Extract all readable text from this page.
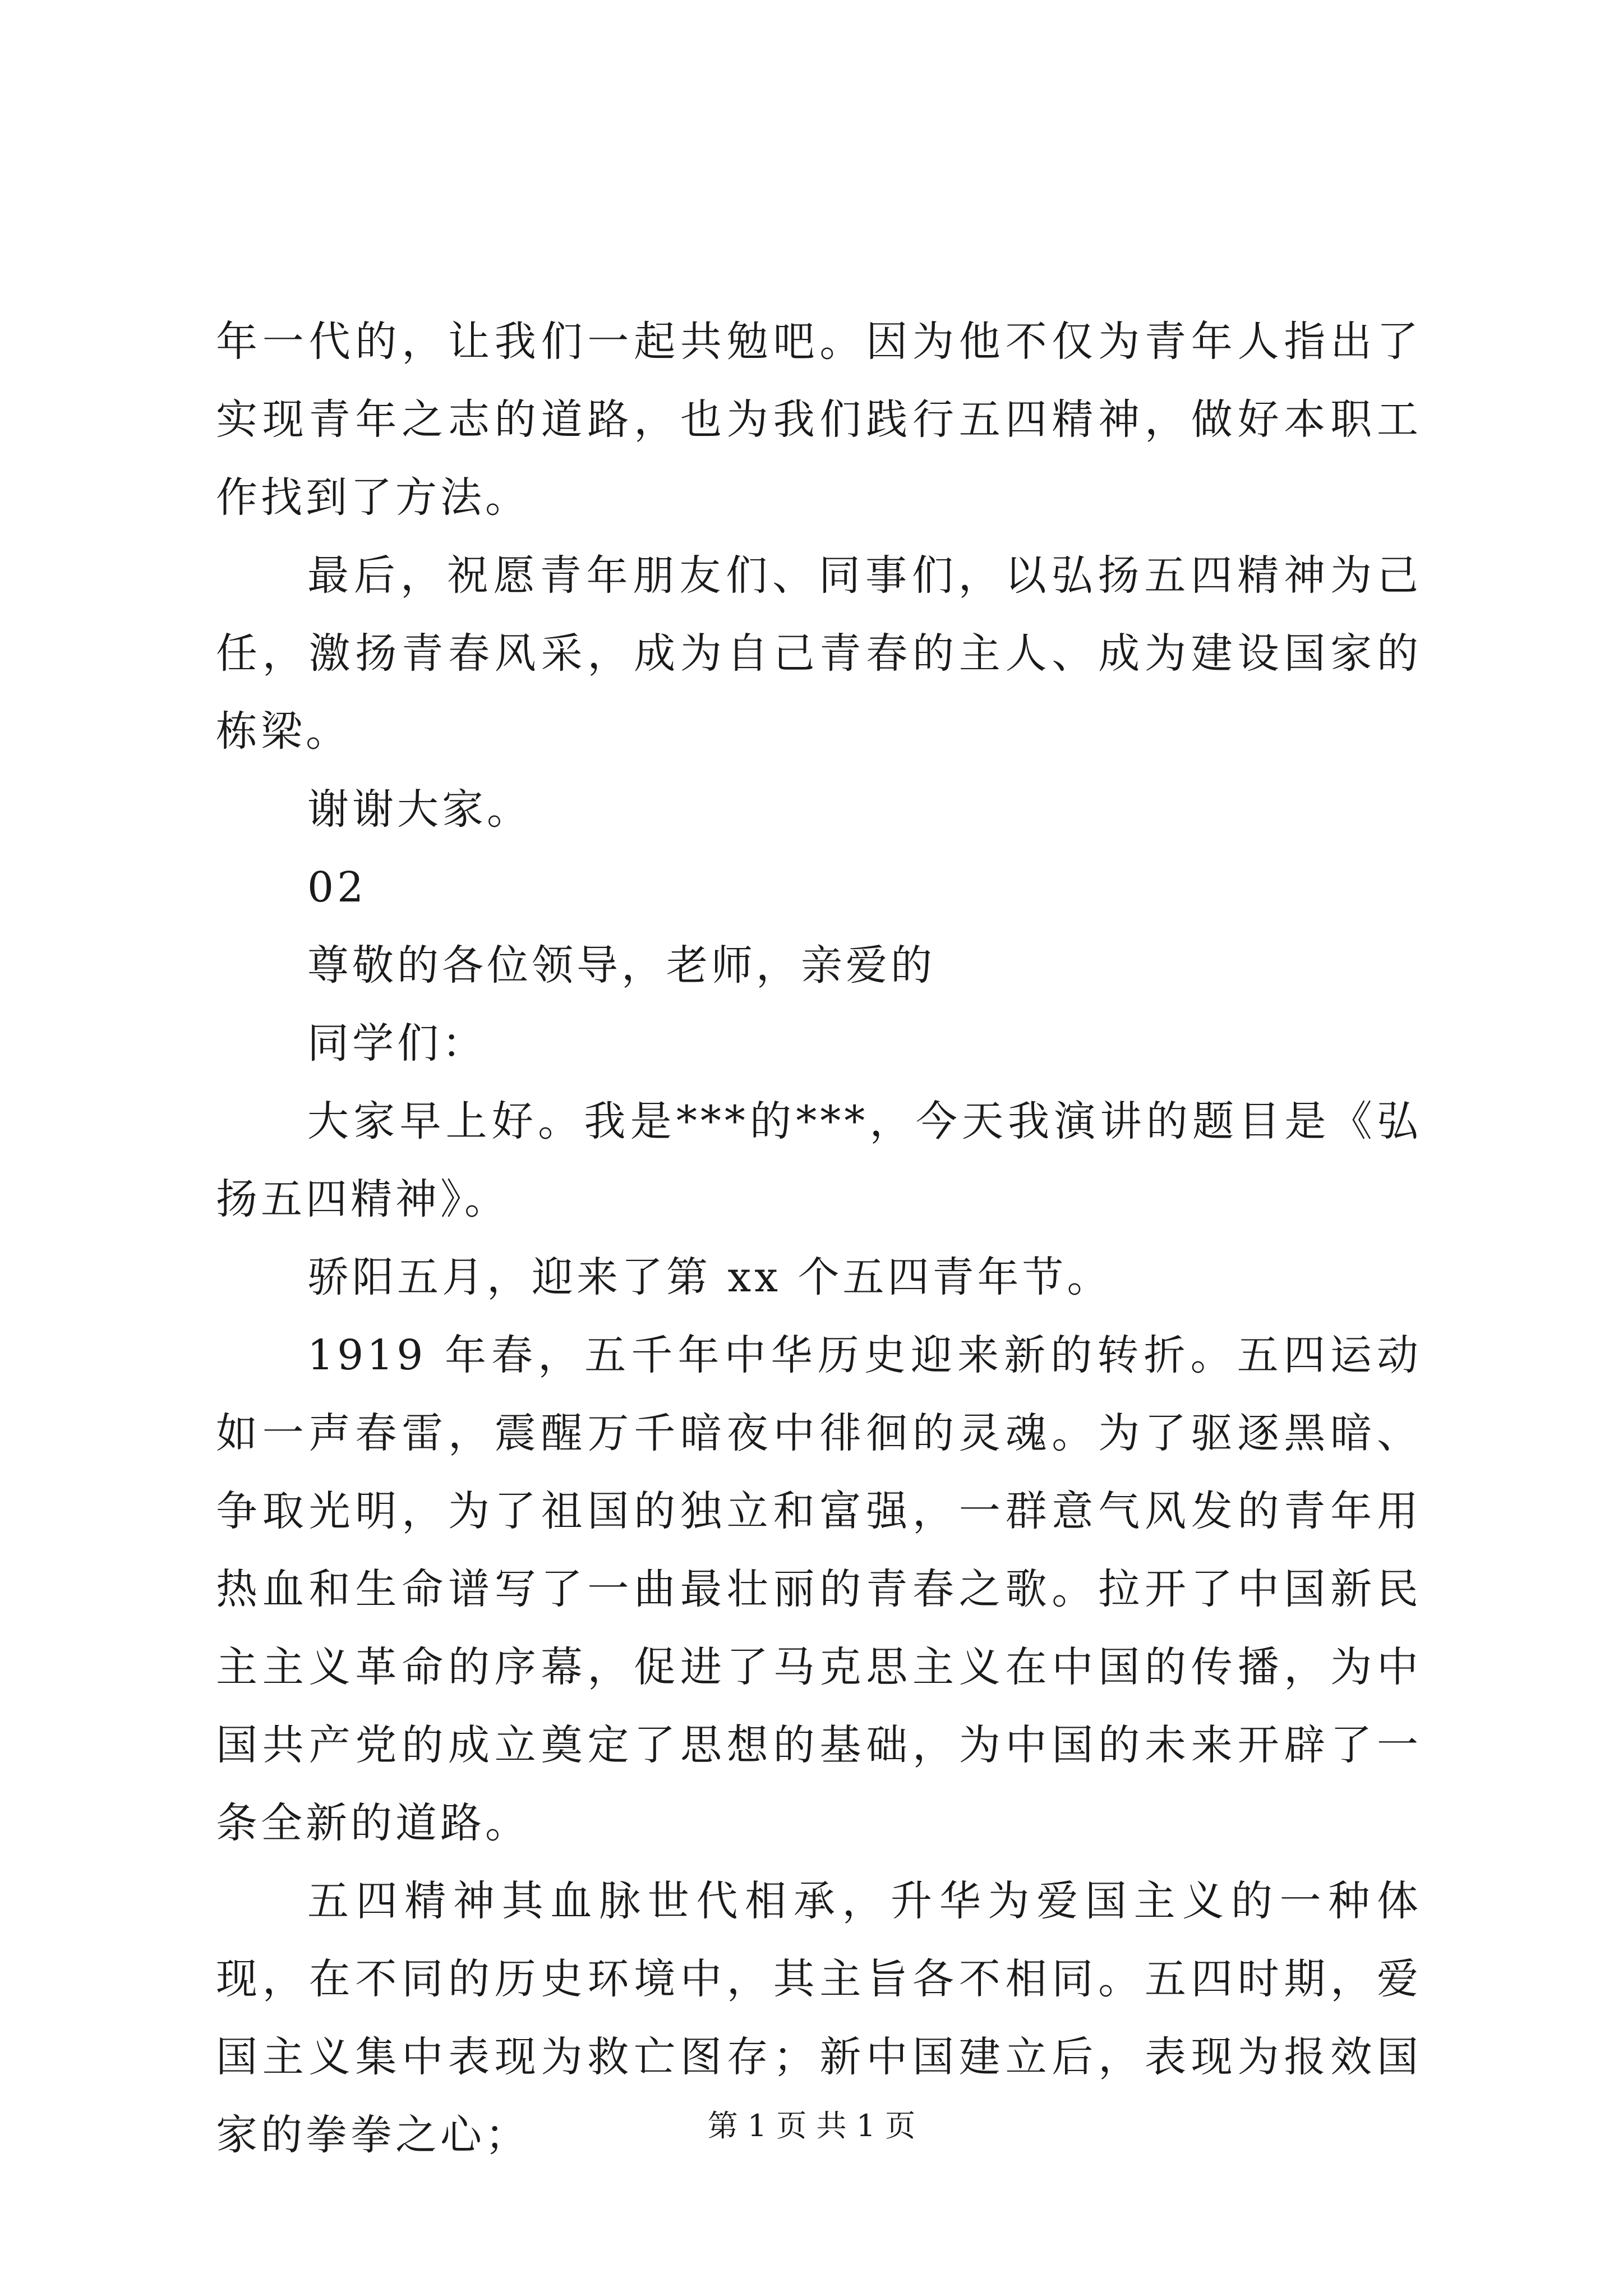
年一代的，让我们一起共勉吧。因为他不仅为青年人指出了实现青年之志的道路，也为我们践行五四精神，做好本职工作找到了方法。

最后，祝愿青年朋友们、同事们，以弘扬五四精神为己任，激扬青春风采，成为自己青春的主人、成为建设国家的栋梁。

谢谢大家。

02

尊敬的各位领导，老师，亲爱的

同学们：

大家早上好。我是***的***，今天我演讲的题目是《弘扬五四精神》。

骄阳五月，迎来了第 xx 个五四青年节。

1919 年春，五千年中华历史迎来新的转折。五四运动如一声春雷，震醒万千暗夜中徘徊的灵魂。为了驱逐黑暗、争取光明，为了祖国的独立和富强，一群意气风发的青年用热血和生命谱写了一曲最壮丽的青春之歌。拉开了中国新民主主义革命的序幕，促进了马克思主义在中国的传播，为中国共产党的成立奠定了思想的基础，为中国的未来开辟了一条全新的道路。

五四精神其血脉世代相承，升华为爱国主义的一种体现，在不同的历史环境中，其主旨各不相同。五四时期，爱国主义集中表现为救亡图存；新中国建立后，表现为报效国家的拳拳之心；	第 1 页 共 1 页
